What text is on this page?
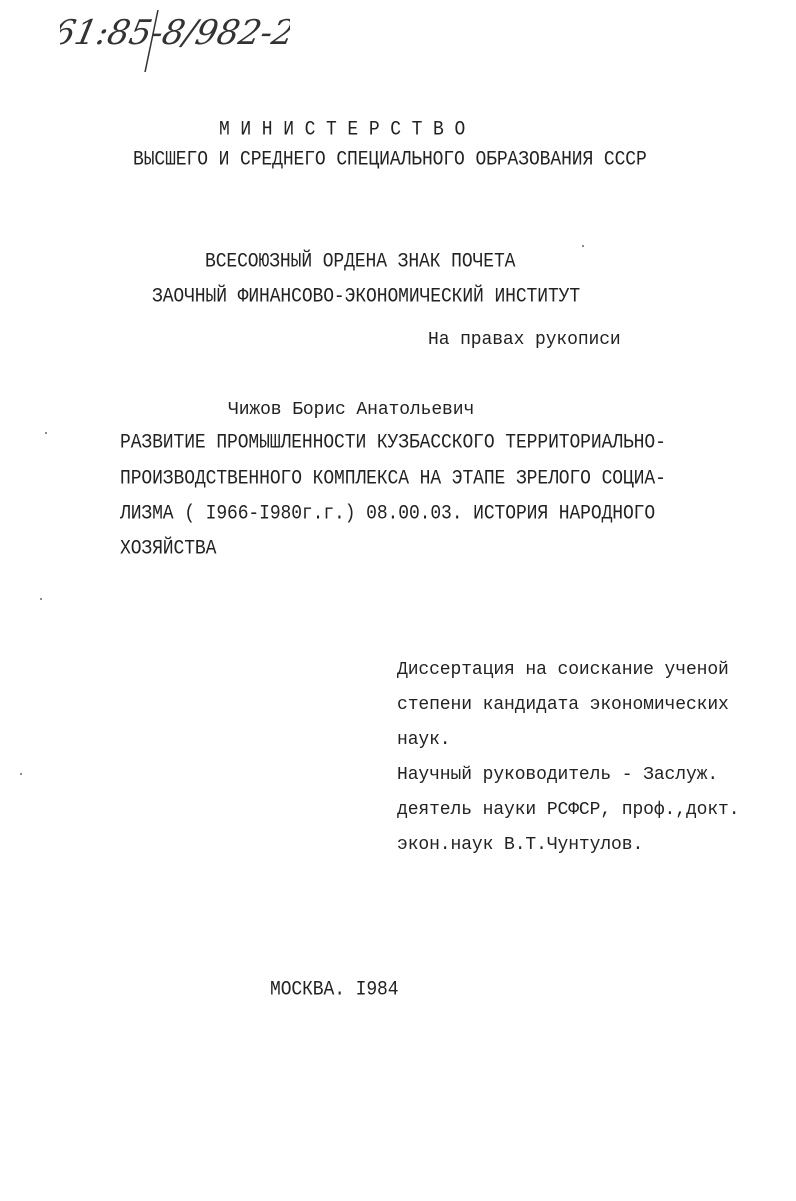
61:85-8/982-2
М И Н И С Т Е Р С Т В О
ВЫСШЕГО И СРЕДНЕГО СПЕЦИАЛЬНОГО ОБРАЗОВАНИЯ СССР
ВСЕСОЮЗНЫЙ ОРДЕНА ЗНАК ПОЧЕТА
ЗАОЧНЫЙ ФИНАНСОВО-ЭКОНОМИЧЕСКИЙ ИНСТИТУТ
На правах рукописи
Чижов Борис Анатольевич
РАЗВИТИЕ ПРОМЫШЛЕННОСТИ КУЗБАССКОГО ТЕРРИТОРИАЛЬНО-
ПРОИЗВОДСТВЕННОГО КОМПЛЕКСА НА ЭТАПЕ ЗРЕЛОГО СОЦИА-
ЛИЗМА ( I966-I980г.г.) 08.00.03. ИСТОРИЯ НАРОДНОГО
ХОЗЯЙСТВА
Диссертация на соискание ученой
степени кандидата экономических
наук.
Научный руководитель - Заслуж.
деятель науки РСФСР, проф.,докт.
экон.наук В.Т.Чунтулов.
МОСКВА. I984
